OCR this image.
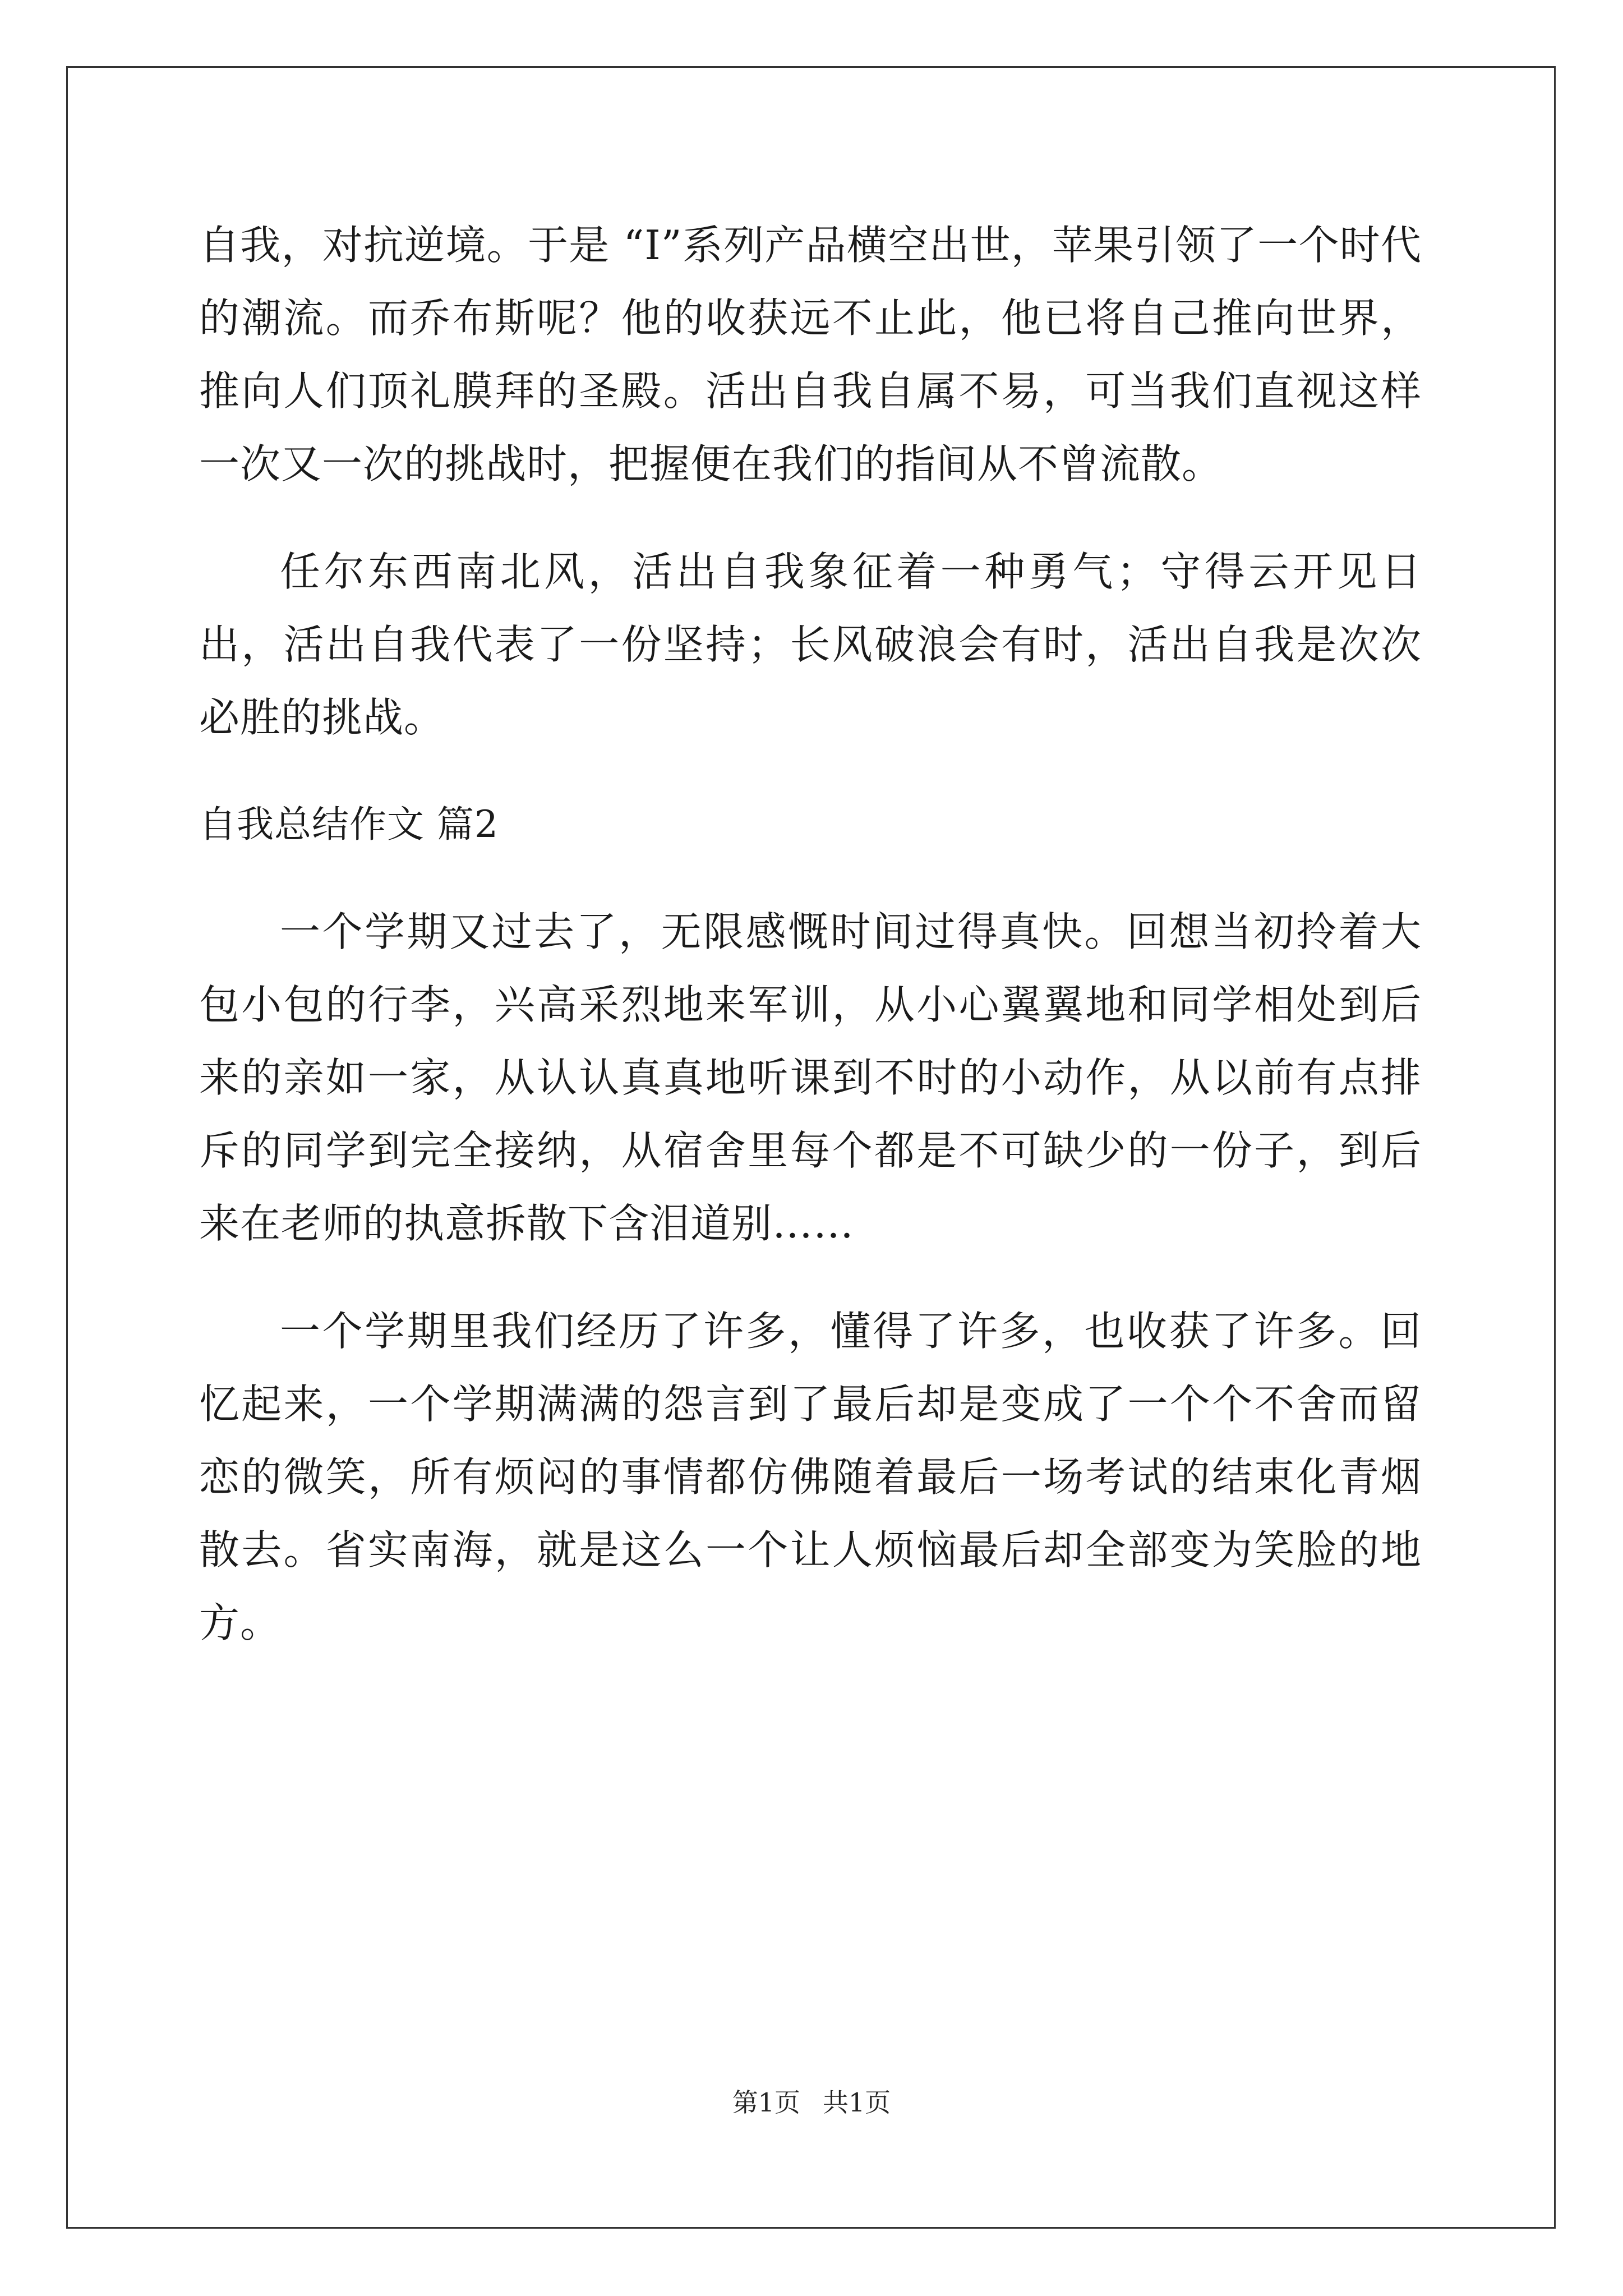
自我，对抗逆境。于是 “I”系列产品横空出世，苹果引领了一个时代的潮流。而乔布斯呢？他的收获远不止此，他已将自己推向世界，推向人们顶礼膜拜的圣殿。活出自我自属不易，可当我们直视这样一次又一次的挑战时，把握便在我们的指间从不曾流散。

任尔东西南北风，活出自我象征着一种勇气；守得云开见日出，活出自我代表了一份坚持；长风破浪会有时，活出自我是次次必胜的挑战。

自我总结作文 篇2

一个学期又过去了，无限感慨时间过得真快。回想当初拎着大包小包的行李，兴高采烈地来军训，从小心翼翼地和同学相处到后来的亲如一家，从认认真真地听课到不时的小动作，从以前有点排斥的同学到完全接纳，从宿舍里每个都是不可缺少的一份子，到后来在老师的执意拆散下含泪道别……

一个学期里我们经历了许多，懂得了许多，也收获了许多。回忆起来，一个学期满满的怨言到了最后却是变成了一个个不舍而留恋的微笑，所有烦闷的事情都仿佛随着最后一场考试的结束化青烟散去。省实南海，就是这么一个让人烦恼最后却全部变为笑脸的地方。

第1页 共1页
